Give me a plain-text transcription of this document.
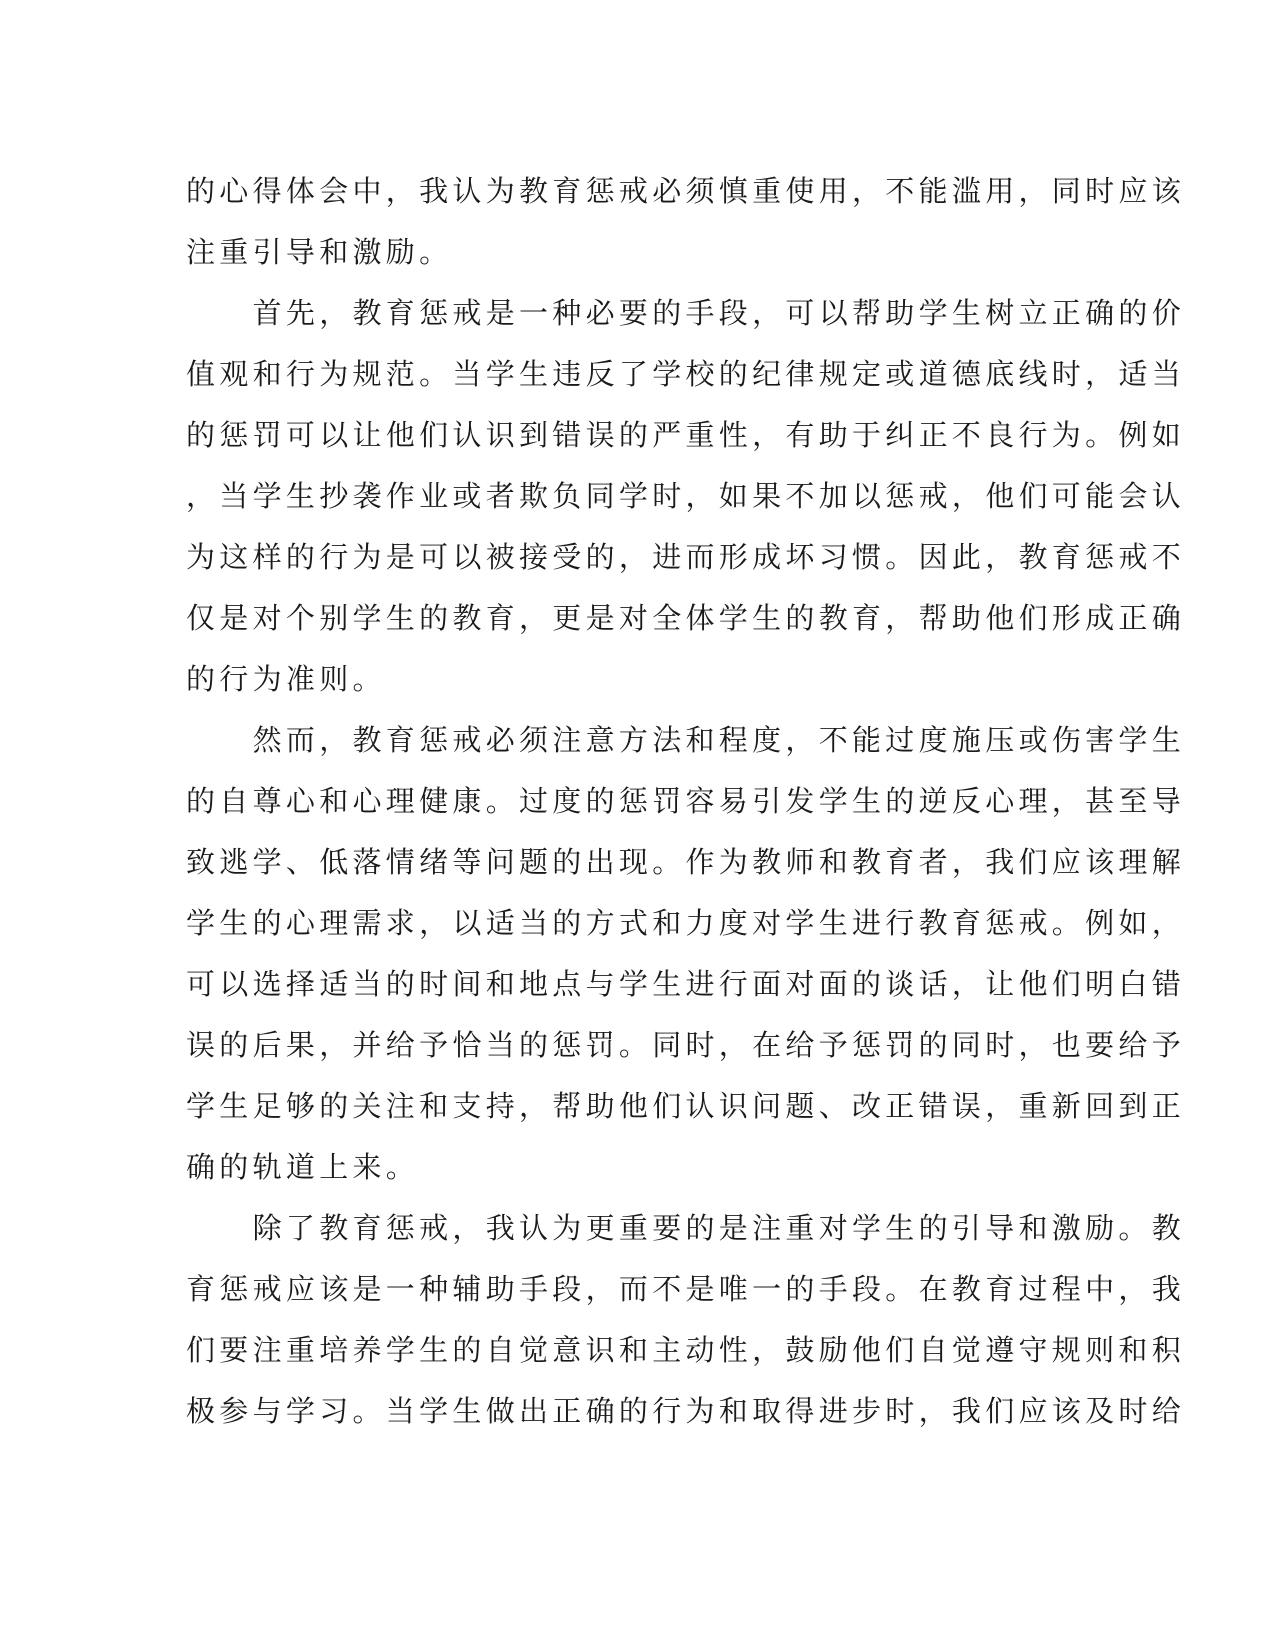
的心得体会中，我认为教育惩戒必须慎重使用，不能滥用，同时应该
注重引导和激励。
　　首先，教育惩戒是一种必要的手段，可以帮助学生树立正确的价
值观和行为规范。当学生违反了学校的纪律规定或道德底线时，适当
的惩罚可以让他们认识到错误的严重性，有助于纠正不良行为。例如
，当学生抄袭作业或者欺负同学时，如果不加以惩戒，他们可能会认
为这样的行为是可以被接受的，进而形成坏习惯。因此，教育惩戒不
仅是对个别学生的教育，更是对全体学生的教育，帮助他们形成正确
的行为准则。
　　然而，教育惩戒必须注意方法和程度，不能过度施压或伤害学生
的自尊心和心理健康。过度的惩罚容易引发学生的逆反心理，甚至导
致逃学、低落情绪等问题的出现。作为教师和教育者，我们应该理解
学生的心理需求，以适当的方式和力度对学生进行教育惩戒。例如，
可以选择适当的时间和地点与学生进行面对面的谈话，让他们明白错
误的后果，并给予恰当的惩罚。同时，在给予惩罚的同时，也要给予
学生足够的关注和支持，帮助他们认识问题、改正错误，重新回到正
确的轨道上来。
　　除了教育惩戒，我认为更重要的是注重对学生的引导和激励。教
育惩戒应该是一种辅助手段，而不是唯一的手段。在教育过程中，我
们要注重培养学生的自觉意识和主动性，鼓励他们自觉遵守规则和积
极参与学习。当学生做出正确的行为和取得进步时，我们应该及时给
